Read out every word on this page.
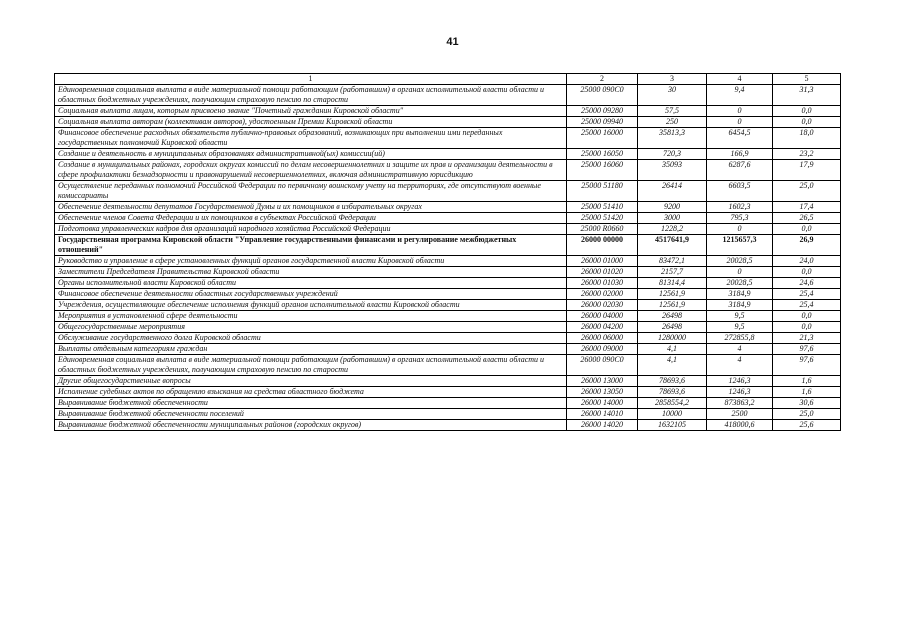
41
1	2	3	4	5
Единовременная социальная выплата в виде материальной помощи работающим (работавшим) в органах исполнительной власти области и областных бюджетных учреждениях, получающим страховую пенсию по старости	25000 090С0	30	9,4	31,3
Социальная выплата лицам, которым присвоено звание "Почетный гражданин Кировской области"	25000 09280	57,5	0	0,0
Социальная выплата авторам (коллективам авторов), удостоенным Премии Кировской области	25000 09940	250	0	0,0
Финансовое обеспечение расходных обязательств публично-правовых образований, возникающих при выполнении ими переданных государственных полномочий Кировской области	25000 16000	35813,3	6454,5	18,0
Создание и деятельность в муниципальных образованиях административной(ых) комиссии(ий)	25000 16050	720,3	166,9	23,2
Создание в муниципальных районах, городских округах комиссий по делам несовершеннолетних и защите их прав и организации деятельности в сфере профилактики безнадзорности и правонарушений несовершеннолетних, включая административную юрисдикцию	25000 16060	35093	6287,6	17,9
Осуществление переданных полномочий Российской Федерации по первичному воинскому учету на территориях, где отсутствуют военные комиссариаты	25000 51180	26414	6603,5	25,0
Обеспечение деятельности депутатов Государственной Думы и их помощников в избирательных округах	25000 51410	9200	1602,3	17,4
Обеспечение членов Совета Федерации и их помощников в субъектах Российской Федерации	25000 51420	3000	795,3	26,5
Подготовка управленческих кадров для организаций народного хозяйства Российской Федерации	25000 R0660	1228,2	0	0,0
Государственная программа Кировской области "Управление государственными финансами и регулирование межбюджетных отношений"	26000 00000	4517641,9	1215657,3	26,9
Руководство и управление в сфере установленных функций органов государственной власти Кировской области	26000 01000	83472,1	20028,5	24,0
Заместители Председателя Правительства Кировской области	26000 01020	2157,7	0	0,0
Органы исполнительной власти Кировской области	26000 01030	81314,4	20028,5	24,6
Финансовое обеспечение деятельности областных государственных учреждений	26000 02000	12561,9	3184,9	25,4
Учреждения, осуществляющие обеспечение исполнения функций органов исполнительной власти Кировской области	26000 02030	12561,9	3184,9	25,4
Мероприятия в установленной сфере деятельности	26000 04000	26498	9,5	0,0
Общегосударственные мероприятия	26000 04200	26498	9,5	0,0
Обслуживание государственного долга Кировской области	26000 06000	1280000	272855,8	21,3
Выплаты отдельным категориям граждан	26000 09000	4,1	4	97,6
Единовременная социальная выплата в виде материальной помощи работающим (работавшим) в органах исполнительной власти области и областных бюджетных учреждениях, получающим страховую пенсию по старости	26000 090С0	4,1	4	97,6
Другие общегосударственные вопросы	26000 13000	78693,6	1246,3	1,6
Исполнение судебных актов по обращению взыскания на средства областного бюджета	26000 13050	78693,6	1246,3	1,6
Выравнивание бюджетной обеспеченности	26000 14000	2858554,2	873863,2	30,6
Выравнивание бюджетной обеспеченности поселений	26000 14010	10000	2500	25,0
Выравнивание бюджетной обеспеченности муниципальных районов (городских округов)	26000 14020	1632105	418000,6	25,6
